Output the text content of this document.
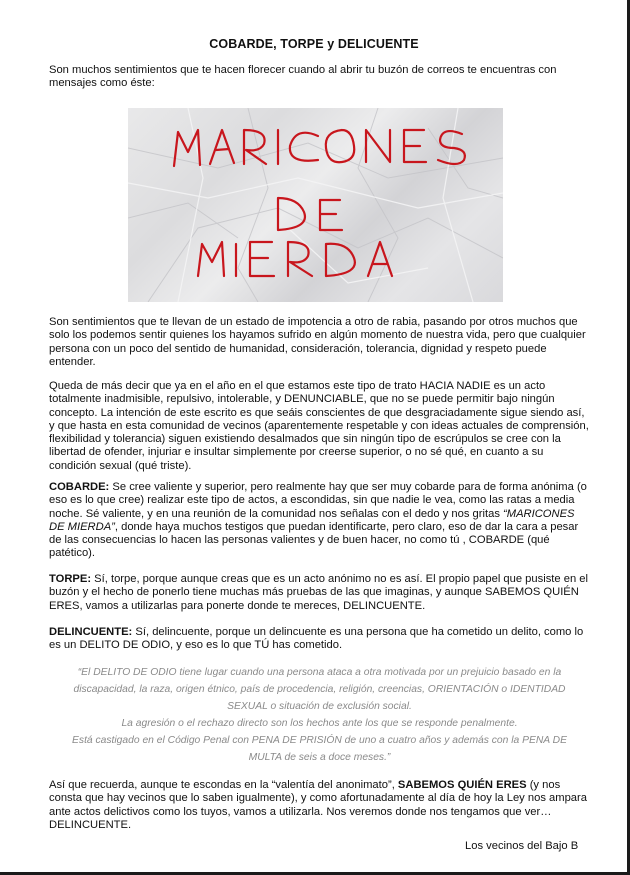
COBARDE, TORPE y DELICUENTE

Son muchos sentimientos que te hacen florecer cuando al abrir tu buzón de correos te encuentras con mensajes como éste:

Son sentimientos que te llevan de un estado de impotencia a otro de rabia, pasando por otros muchos que solo los podemos sentir quienes los hayamos sufrido en algún momento de nuestra vida, pero que cualquier persona con un poco del sentido de humanidad, consideración, tolerancia, dignidad y respeto puede entender.

Queda de más decir que ya en el año en el que estamos este tipo de trato HACIA NADIE es un acto totalmente inadmisible, repulsivo, intolerable, y DENUNCIABLE, que no se puede permitir bajo ningún concepto. La intención de este escrito es que seáis conscientes de que desgraciadamente sigue siendo así, y que hasta en esta comunidad de vecinos (aparentemente respetable y con ideas actuales de comprensión, flexibilidad y tolerancia) siguen existiendo desalmados que sin ningún tipo de escrúpulos se cree con la libertad de ofender, injuriar e insultar simplemente por creerse superior, o no sé qué, en cuanto a su condición sexual (qué triste).

COBARDE: Se cree valiente y superior, pero realmente hay que ser muy cobarde para de forma anónima (o eso es lo que cree) realizar este tipo de actos, a escondidas, sin que nadie le vea, como las ratas a media noche. Sé valiente, y en una reunión de la comunidad nos señalas con el dedo y nos gritas “MARICONES DE MIERDA”, donde haya muchos testigos que puedan identificarte, pero claro, eso de dar la cara a pesar de las consecuencias lo hacen las personas valientes y de buen hacer, no como tú , COBARDE (qué patético).

TORPE: Sí, torpe, porque aunque creas que es un acto anónimo no es así. El propio papel que pusiste en el buzón y el hecho de ponerlo tiene muchas más pruebas de las que imaginas, y aunque SABEMOS QUIÉN ERES, vamos a utilizarlas para ponerte donde te mereces, DELINCUENTE.

DELINCUENTE: Sí, delincuente, porque un delincuente es una persona que ha cometido un delito, como lo es un DELITO DE ODIO, y eso es lo que TÚ has cometido.

“El DELITO DE ODIO tiene lugar cuando una persona ataca a otra motivada por un prejuicio basado en la discapacidad, la raza, origen étnico, país de procedencia, religión, creencias, ORIENTACIÓN o IDENTIDAD SEXUAL o situación de exclusión social.
La agresión o el rechazo directo son los hechos ante los que se responde penalmente.
Está castigado en el Código Penal con PENA DE PRISIÓN de uno a cuatro años y además con la PENA DE MULTA de seis a doce meses.”

Así que recuerda, aunque te escondas en la “valentía del anonimato”, SABEMOS QUIÉN ERES (y nos consta que hay vecinos que lo saben igualmente), y como afortunadamente al día de hoy la Ley nos ampara ante actos delictivos como los tuyos, vamos a utilizarla. Nos veremos donde nos tengamos que ver… DELINCUENTE.

Los vecinos del Bajo B
